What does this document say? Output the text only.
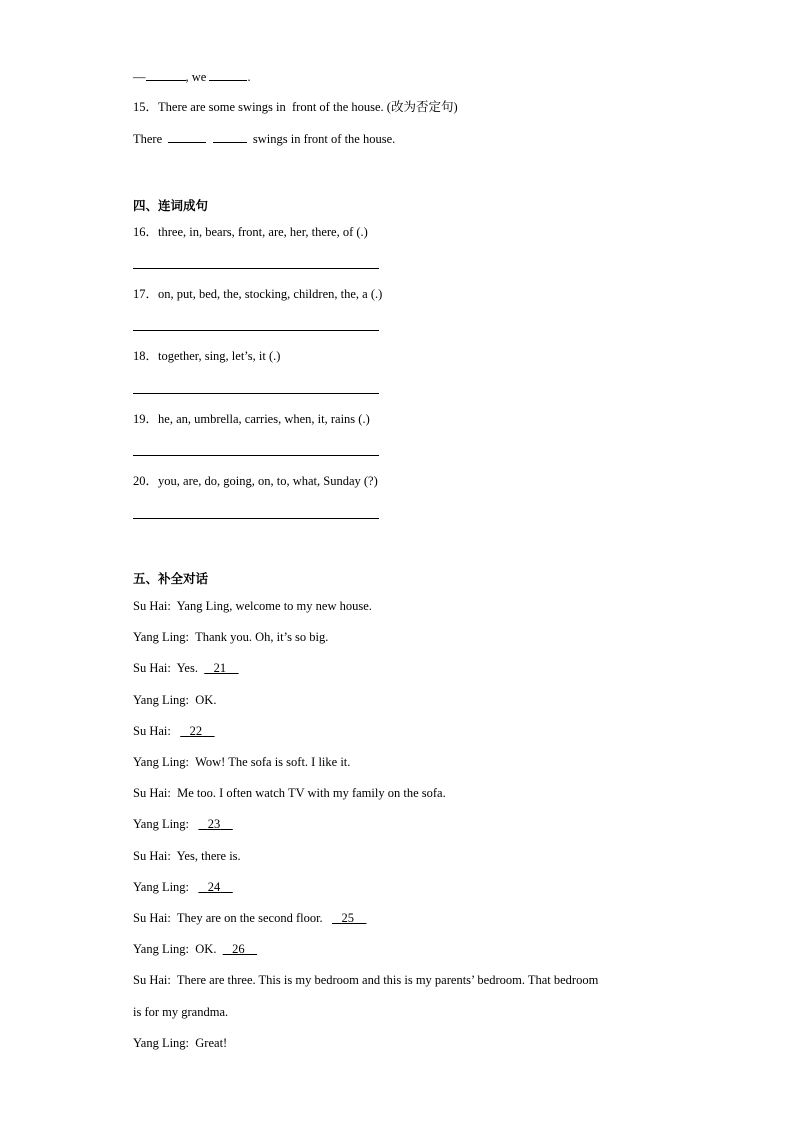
—	, we	.
15．There are some swings in  front of the house. (改为否定句)
There	swings in front of the house.
四、连词成句
16．three, in, bears, front, are, her, there, of (.)
17．on, put, bed, the, stocking, children, the, a (.)
18．together, sing, let’s, it (.)
19．he, an, umbrella, carries, when, it, rains (.)
20．you, are, do, going, on, to, what, Sunday (?)
五、补全对话
Su Hai: Yang Ling, welcome to my new house.
Yang Ling: Thank you. Oh, it’s so big.
Su Hai: Yes. 21
Yang Ling: OK.
Su Hai: 22
Yang Ling: Wow! The sofa is soft. I like it.
Su Hai: Me too. I often watch TV with my family on the sofa.
Yang Ling: 23
Su Hai: Yes, there is.
Yang Ling: 24
Su Hai: They are on the second floor. 25
Yang Ling: OK. 26
Su Hai: There are three. This is my bedroom and this is my parents’ bedroom. That bedroom
is for my grandma.
Yang Ling: Great!
